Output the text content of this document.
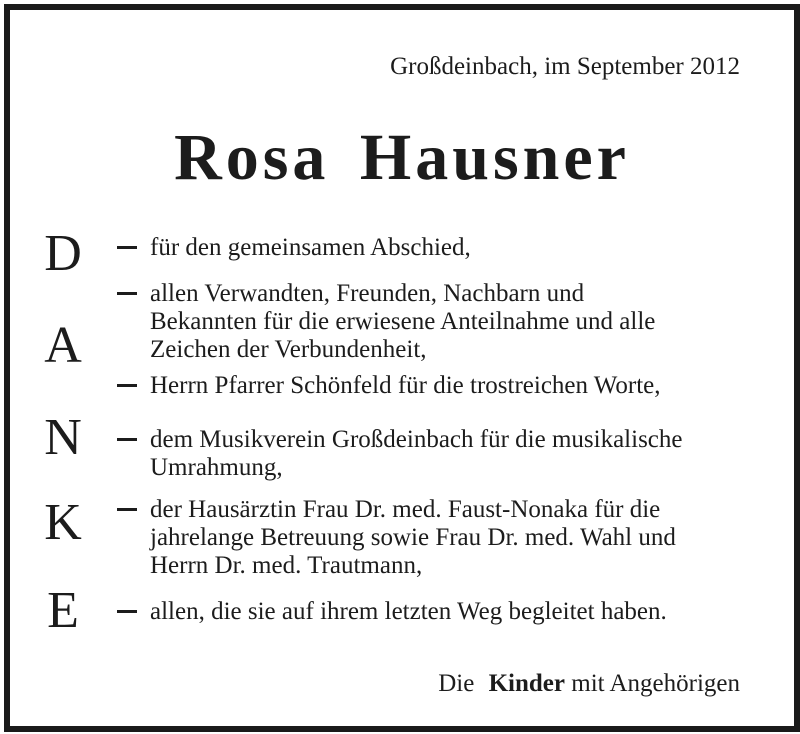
Großdeinbach, im September 2012
Rosa Hausner
D
A
N
K
E
für den gemeinsamen Abschied,
allen Verwandten, Freunden, Nachbarn und
Bekannten für die erwiesene Anteilnahme und alle
Zeichen der Verbundenheit,
Herrn Pfarrer Schönfeld für die trostreichen Worte,
dem Musikverein Großdeinbach für die musikalische
Umrahmung,
der Hausärztin Frau Dr. med. Faust-Nonaka für die
jahrelange Betreuung sowie Frau Dr. med. Wahl und
Herrn Dr. med. Trautmann,
allen, die sie auf ihrem letzten Weg begleitet haben.
Die Kinder mit Angehörigen
